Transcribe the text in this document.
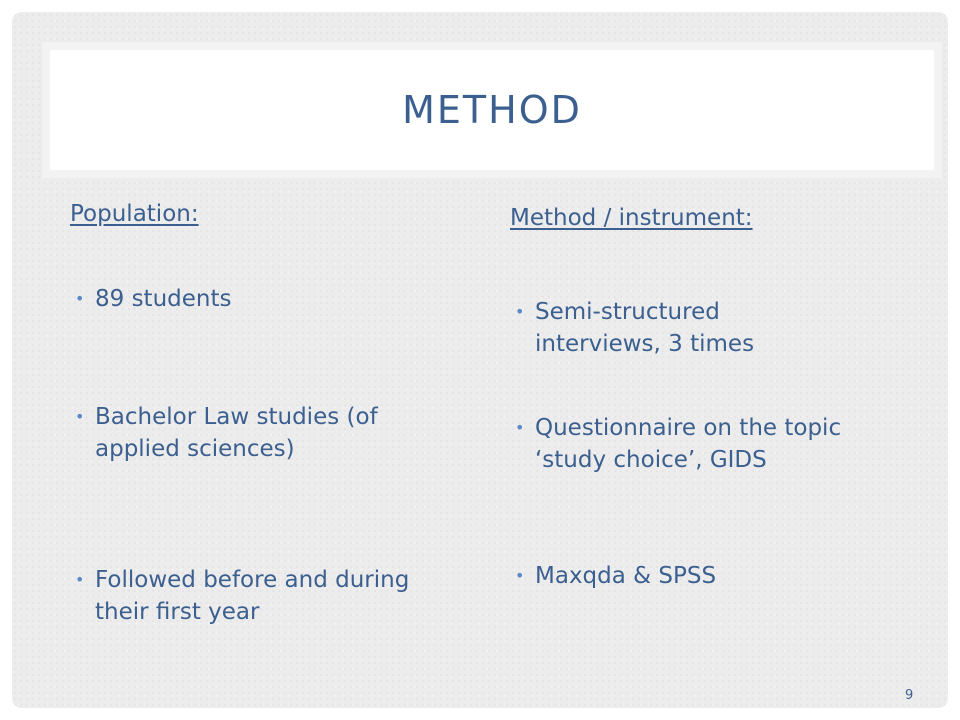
METHOD
Population:
• 89 students
• Bachelor Law studies (of applied sciences)
• Followed before and during their first year
Method / instrument:
• Semi-structured interviews, 3 times
• Questionnaire on the topic ‘study choice’, GIDS
• Maxqda & SPSS
9
